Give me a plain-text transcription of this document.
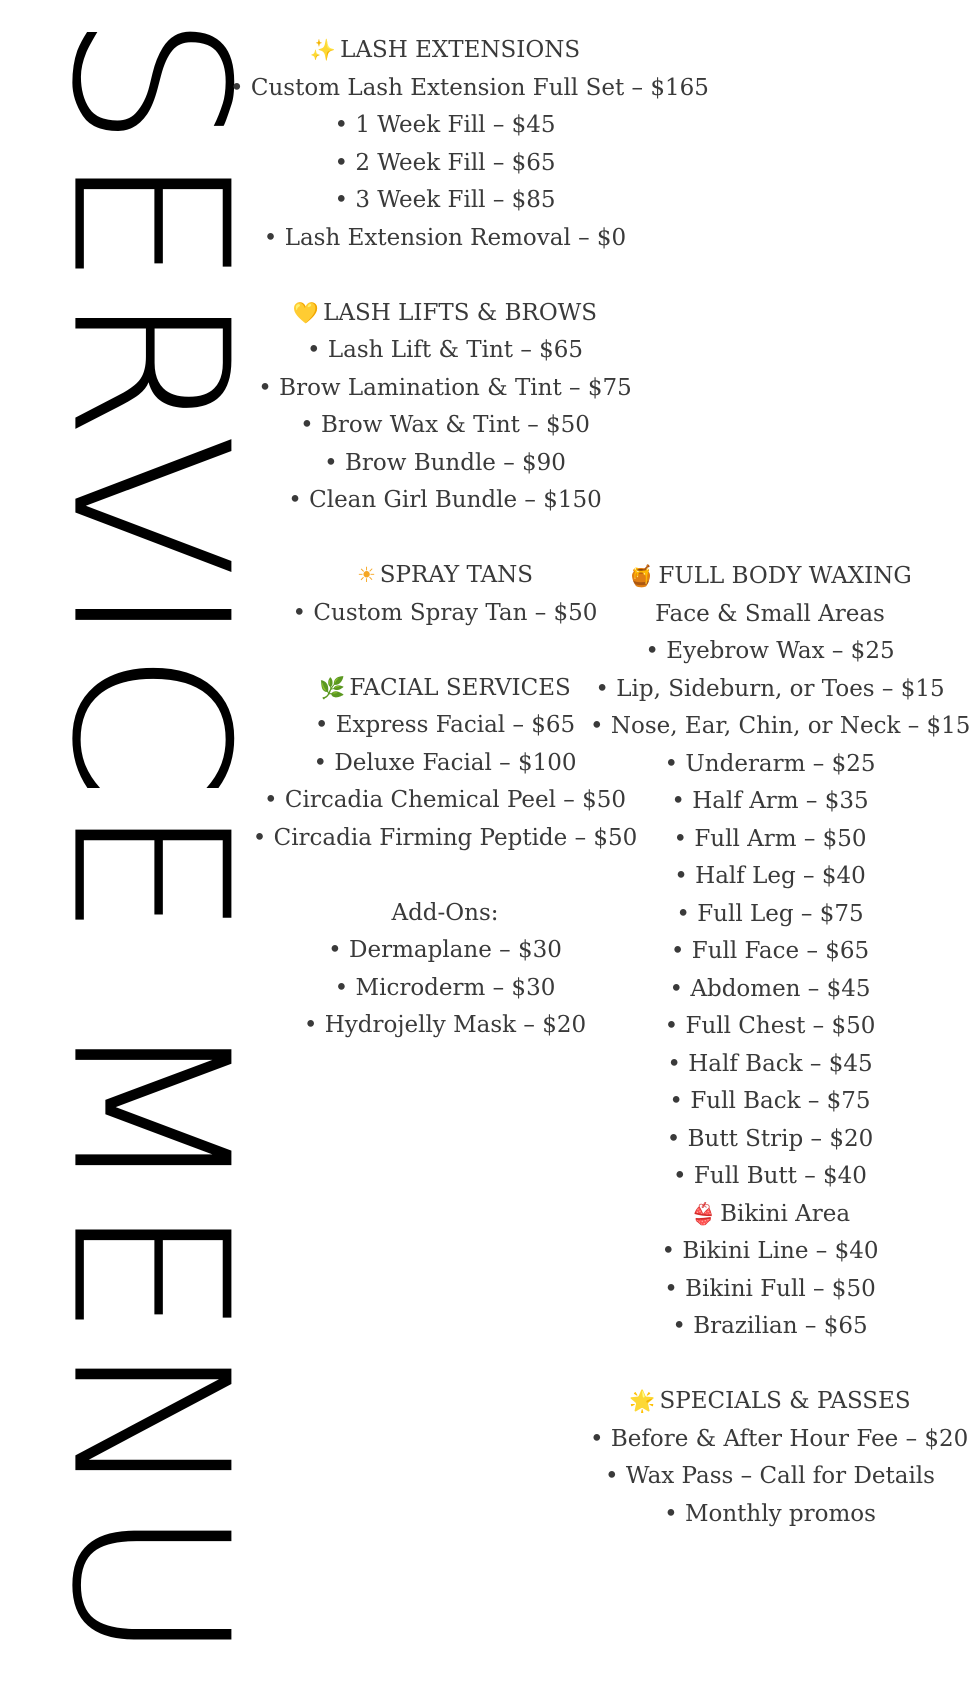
SERVICE MENU	✨ LASH EXTENSIONS
• Custom Lash Extension Full Set – $165
• 1 Week Fill – $45
• 2 Week Fill – $65
• 3 Week Fill – $85
• Lash Extension Removal – $0
💛 LASH LIFTS & BROWS
• Lash Lift & Tint – $65
• Brow Lamination & Tint – $75
• Brow Wax & Tint – $50
• Brow Bundle – $90
• Clean Girl Bundle – $150
☀ SPRAY TANS
• Custom Spray Tan – $50
🌿 FACIAL SERVICES
• Express Facial – $65
• Deluxe Facial – $100
• Circadia Chemical Peel – $50
• Circadia Firming Peptide – $50
Add-Ons:
• Dermaplane – $30
• Microderm – $30
• Hydrojelly Mask – $20
🍯 FULL BODY WAXING
Face & Small Areas
• Eyebrow Wax – $25
• Lip, Sideburn, or Toes – $15
• Nose, Ear, Chin, or Neck – $15
• Underarm – $25
• Half Arm – $35
• Full Arm – $50
• Half Leg – $40
• Full Leg – $75
• Full Face – $65
• Abdomen – $45
• Full Chest – $50
• Half Back – $45
• Full Back – $75
• Butt Strip – $20
• Full Butt – $40
👙 Bikini Area
• Bikini Line – $40
• Bikini Full – $50
• Brazilian – $65
🌟 SPECIALS & PASSES
• Before & After Hour Fee – $20
• Wax Pass – Call for Details
• Monthly promos
